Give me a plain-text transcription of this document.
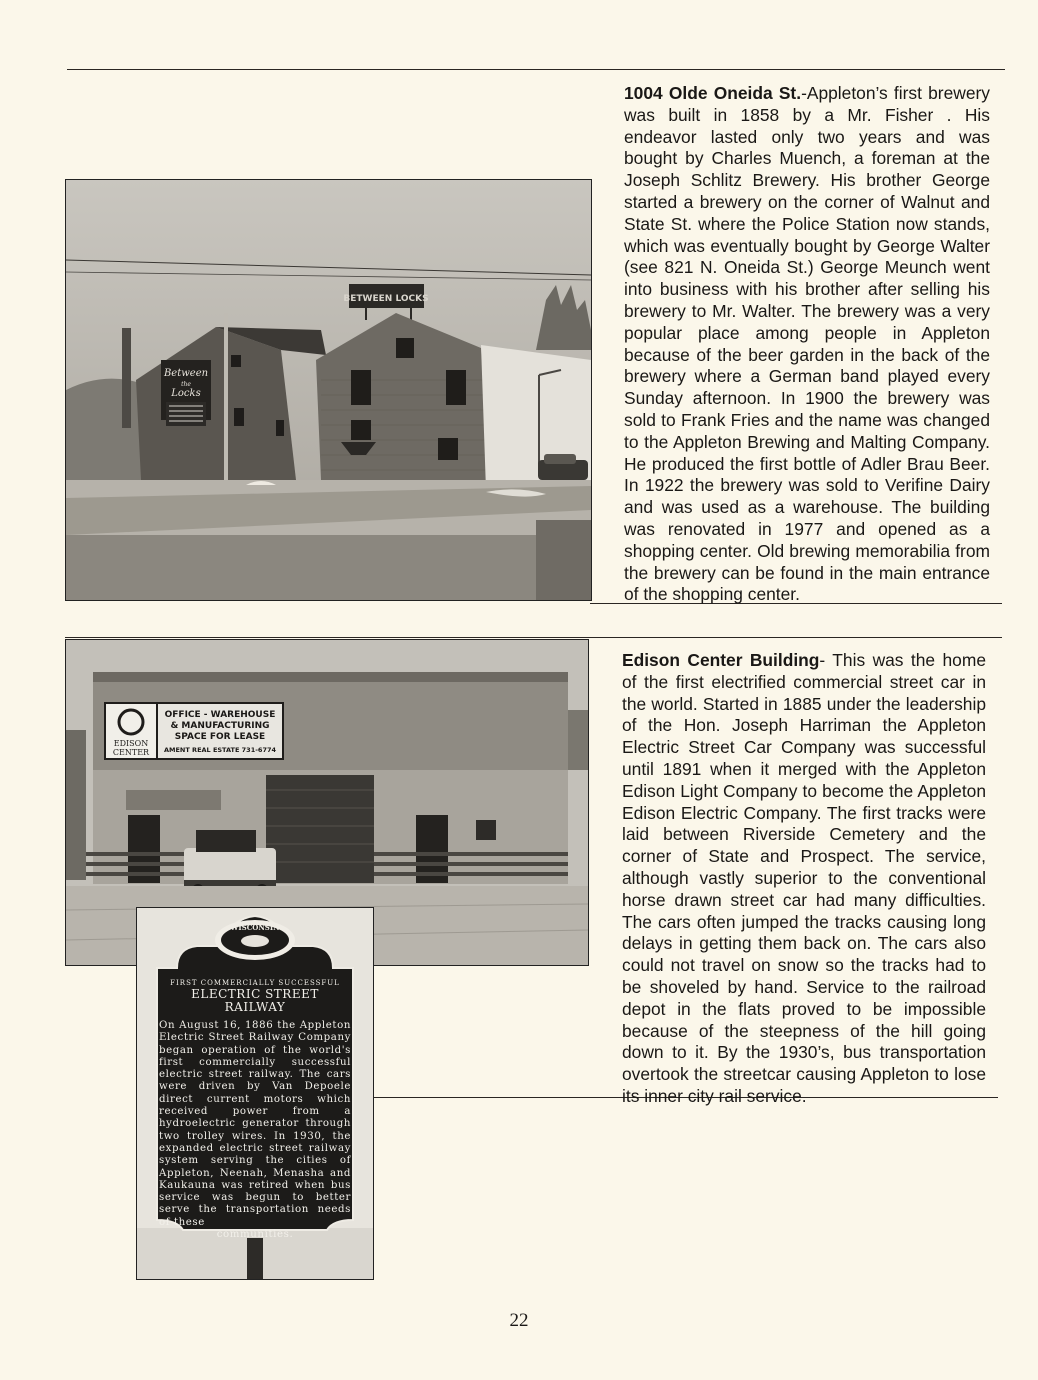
Between
the
Locks
BETWEEN LOCKS
1004 Olde Oneida St.-Appleton’s first brewery was built in 1858 by a Mr. Fisher . His endeavor lasted only two years and was bought by Charles Muench, a foreman at the Joseph Schlitz Brewery. His brother George started a brewery on the corner of Walnut and State St. where the Police Station now stands, which was eventually bought by George Walter (see 821 N. Oneida St.) George Meunch went into business with his brother after selling his brewery to Mr. Walter. The brewery was a very popular place among people in Appleton because of the beer garden in the back of the brewery where a German band played every Sunday afternoon. In 1900 the brewery was sold to Frank Fries and the name was changed to the Appleton Brewing and Malting Company. He produced the first bottle of Adler Brau Beer. In 1922 the brewery was sold to Verifine Dairy and was used as a warehouse. The building was renovated in 1977 and opened as a shopping center. Old brewing memorabilia from the brewery can be found in the main entrance of the shopping center.
EDISON
CENTER
OFFICE - WAREHOUSE
& MANUFACTURING
SPACE FOR LEASE
AMENT REAL ESTATE 731-6774
WISCONSIN
FIRST COMMERCIALLY SUCCESSFUL
ELECTRIC STREET RAILWAY
On August 16, 1886 the Appleton Electric Street Railway Company began operation of the world's first commercially successful electric street railway. The cars were driven by Van Depoele direct current motors which received power from a hydroelectric generator through two trolley wires. In 1930, the expanded electric street railway system serving the cities of Appleton, Neenah, Menasha and Kaukauna was retired when bus service was begun to better serve the transportation needs of these
communities.
Edison Center Building- This was the home of the first electrified commercial street car in the world. Started in 1885 under the leadership of the Hon. Joseph Harriman the Appleton Electric Street Car Company was successful until 1891 when it merged with the Appleton Edison Light Company to become the Appleton Edison Electric Company. The first tracks were laid between Riverside Cemetery and the corner of State and Prospect. The service, although vastly superior to the conventional horse drawn street car had many difficulties. The cars often jumped the tracks causing long delays in getting them back on. The cars also could not travel on snow so the tracks had to be shoveled by hand. Service to the railroad depot in the flats proved to be impossible because of the steepness of the hill going down to it. By the 1930’s, bus transportation overtook the streetcar causing Appleton to lose its inner city rail service.
22
